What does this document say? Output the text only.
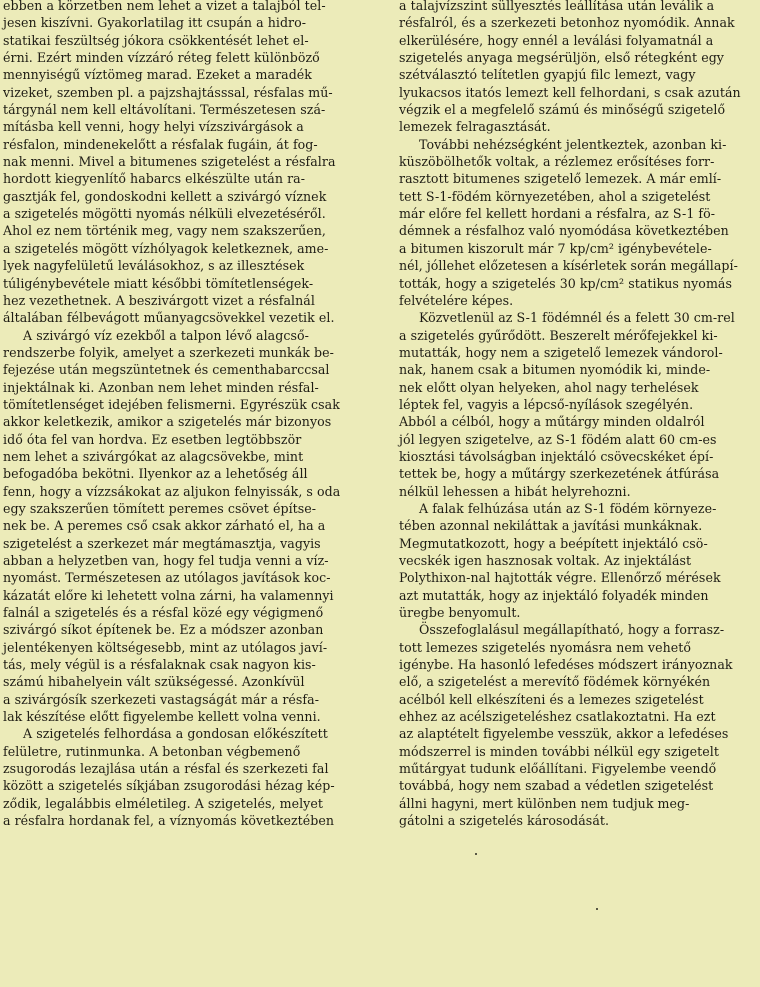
ebben a körzetben nem lehet a vizet a talajból tel-
jesen kiszívni. Gyakorlatilag itt csupán a hidro-
statikai feszültség jókora csökkentését lehet el-
érni. Ezért minden vízzáró réteg felett különböző
mennyiségű víztömeg marad. Ezeket a maradék
vizeket, szemben pl. a pajzshajtásssal, résfalas mű-
tárgynál nem kell eltávolítani. Természetesen szá-
mításba kell venni, hogy helyi vízszivárgások a
résfalon, mindenekelőtt a résfalak fugáin, át fog-
nak menni. Mivel a bitumenes szigetelést a résfalra
hordott kiegyenlítő habarcs elkészülte után ra-
gasztják fel, gondoskodni kellett a szivárgó víznek
a szigetelés mögötti nyomás nélküli elvezetéséről.
Ahol ez nem történik meg, vagy nem szakszerűen,
a szigetelés mögött vízhólyagok keletkeznek, ame-
lyek nagyfelületű leválásokhoz, s az illesztések
túligénybevétele miatt későbbi tömítetlenségek-
hez vezethetnek. A beszivárgott vizet a résfalnál
általában félbevágott műanyagcsövekkel vezetik el.
A szivárgó víz ezekből a talpon lévő alagcső-
rendszerbe folyik, amelyet a szerkezeti munkák be-
fejezése után megszüntetnek és cementhabarccsal
injektálnak ki. Azonban nem lehet minden résfal-
tömítetlenséget idejében felismerni. Egyrészük csak
akkor keletkezik, amikor a szigetelés már bizonyos
idő óta fel van hordva. Ez esetben legtöbbször
nem lehet a szivárgókat az alagcsövekbe, mint
befogadóba bekötni. Ilyenkor az a lehetőség áll
fenn, hogy a vízzsákokat az aljukon felnyissák, s oda
egy szakszerűen tömített peremes csövet építse-
nek be. A peremes cső csak akkor zárható el, ha a
szigetelést a szerkezet már megtámasztja, vagyis
abban a helyzetben van, hogy fel tudja venni a víz-
nyomást. Természetesen az utólagos javítások koc-
kázatát előre ki lehetett volna zárni, ha valamennyi
falnál a szigetelés és a résfal közé egy végigmenő
szivárgó síkot építenek be. Ez a módszer azonban
jelentékenyen költségesebb, mint az utólagos javí-
tás, mely végül is a résfalaknak csak nagyon kis-
számú hibahelyein vált szükségessé. Azonkívül
a szivárgósík szerkezeti vastagságát már a résfa-
lak készítése előtt figyelembe kellett volna venni.
A szigetelés felhordása a gondosan előkészített
felületre, rutinmunka. A betonban végbemenő
zsugorodás lezajlása után a résfal és szerkezeti fal
között a szigetelés síkjában zsugorodási hézag kép-
ződik, legalábbis elméletileg. A szigetelés, melyet
a résfalra hordanak fel, a víznyomás következtében
a talajvízszint süllyesztés leállítása után leválik a
résfalról, és a szerkezeti betonhoz nyomódik. Annak
elkerülésére, hogy ennél a leválási folyamatnál a
szigetelés anyaga megsérüljön, első rétegként egy
szétválasztó telítetlen gyapjú filc lemezt, vagy
lyukacsos itatós lemezt kell felhordani, s csak azután
végzik el a megfelelő számú és minőségű szigetelő
lemezek felragasztását.
További nehézségként jelentkeztek, azonban ki-
küszöbölhetők voltak, a rézlemez erősítéses forr-
rasztott bitumenes szigetelő lemezek. A már emlí-
tett S-1-födém környezetében, ahol a szigetelést
már előre fel kellett hordani a résfalra, az S-1 fö-
démnek a résfalhoz való nyomódása következtében
a bitumen kiszorult már 7 kp/cm² igénybevétele-
nél, jóllehet előzetesen a kísérletek során megállapí-
tották, hogy a szigetelés 30 kp/cm² statikus nyomás
felvételére képes.
Közvetlenül az S-1 födémnél és a felett 30 cm-rel
a szigetelés gyűrődött. Beszerelt mérőfejekkel ki-
mutatták, hogy nem a szigetelő lemezek vándorol-
nak, hanem csak a bitumen nyomódik ki, minde-
nek előtt olyan helyeken, ahol nagy terhelések
léptek fel, vagyis a lépcső-nyílások szegélyén.
Abból a célból, hogy a műtárgy minden oldalról
jól legyen szigetelve, az S-1 födém alatt 60 cm-es
kiosztási távolságban injektáló csövecskéket épí-
tettek be, hogy a műtárgy szerkezetének átfúrása
nélkül lehessen a hibát helyrehozni.
A falak felhúzása után az S-1 födém környeze-
tében azonnal nekiláttak a javítási munkáknak.
Megmutatkozott, hogy a beépített injektáló csö-
vecskék igen hasznosak voltak. Az injektálást
Polythixon-nal hajtották végre. Ellenőrző mérések
azt mutatták, hogy az injektáló folyadék minden
üregbe benyomult.
Összefoglalásul megállapítható, hogy a forrasz-
tott lemezes szigetelés nyomásra nem vehető
igénybe. Ha hasonló lefedéses módszert irányoznak
elő, a szigetelést a merevítő födémek környékén
acélból kell elkészíteni és a lemezes szigetelést
ehhez az acélszigeteléshez csatlakoztatni. Ha ezt
az alaptételt figyelembe vesszük, akkor a lefedéses
módszerrel is minden további nélkül egy szigetelt
műtárgyat tudunk előállítani. Figyelembe veendő
továbbá, hogy nem szabad a védetlen szigetelést
állni hagyni, mert különben nem tudjuk meg-
gátolni a szigetelés károsodását.
